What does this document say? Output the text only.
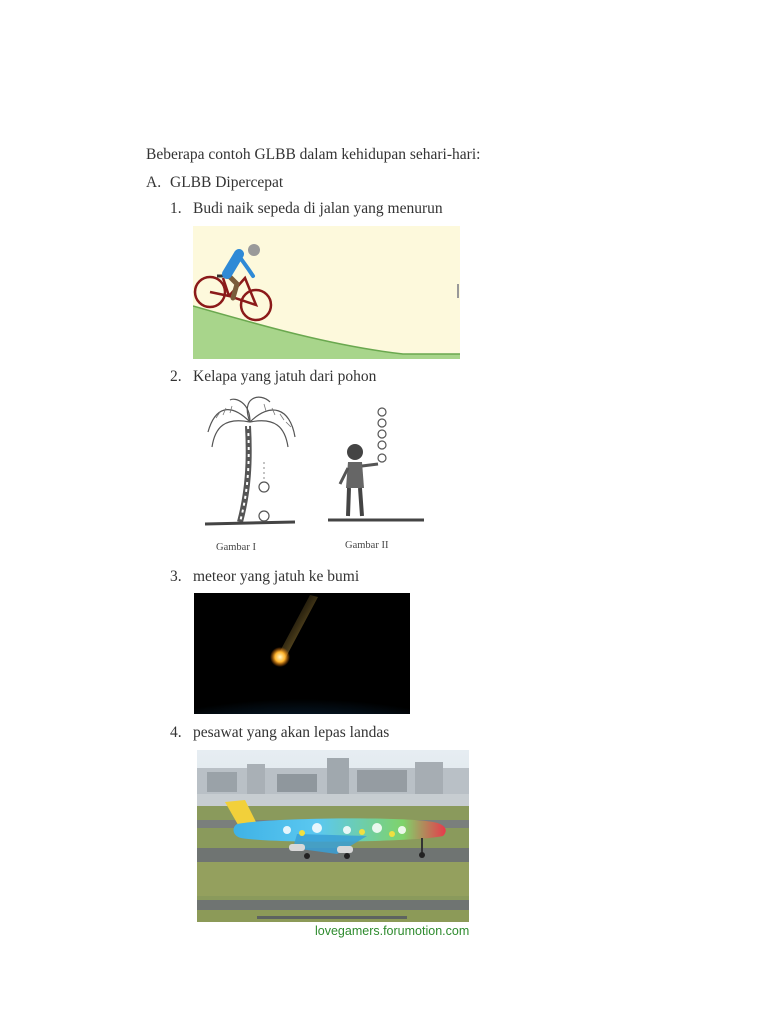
Beberapa contoh GLBB dalam kehidupan sehari-hari:
A. GLBB Dipercepat
1. Budi naik sepeda di jalan yang menurun
2. Kelapa yang jatuh dari pohon
Gambar I	Gambar II
3. meteor yang jatuh ke bumi
4. pesawat yang akan lepas landas
lovegamers.forumotion.com
